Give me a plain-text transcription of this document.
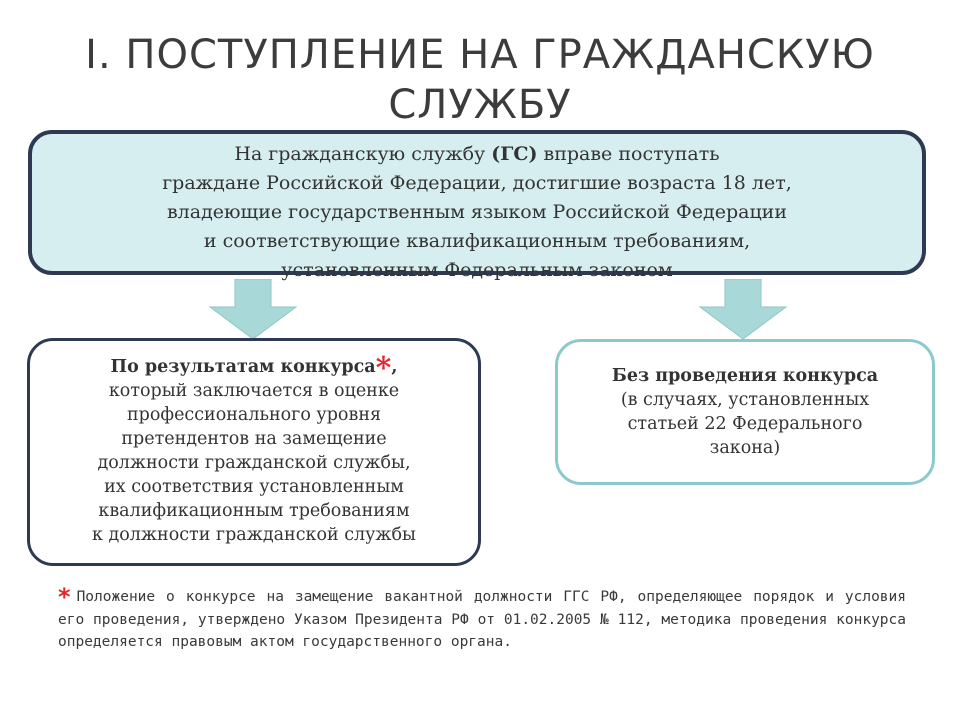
I. ПОСТУПЛЕНИЕ НА ГРАЖДАНСКУЮ
СЛУЖБУ
На гражданскую службу (ГС) вправе поступать
граждане Российской Федерации, достигшие возраста 18 лет,
владеющие государственным языком Российской Федерации
и соответствующие квалификационным требованиям,
установленным Федеральным законом
По результатам конкурса*,
который заключается в оценке
профессионального уровня
претендентов на замещение
должности гражданской службы,
их соответствия установленным
квалификационным требованиям
к должности гражданской службы
Без проведения конкурса
(в случаях, установленных
статьей 22 Федерального
закона)
* Положение о конкурсе на замещение вакантной должности ГГС РФ, определяющее порядок и условия его проведения, утверждено Указом Президента РФ от 01.02.2005 № 112, методика проведения конкурса определяется правовым актом государственного органа.
